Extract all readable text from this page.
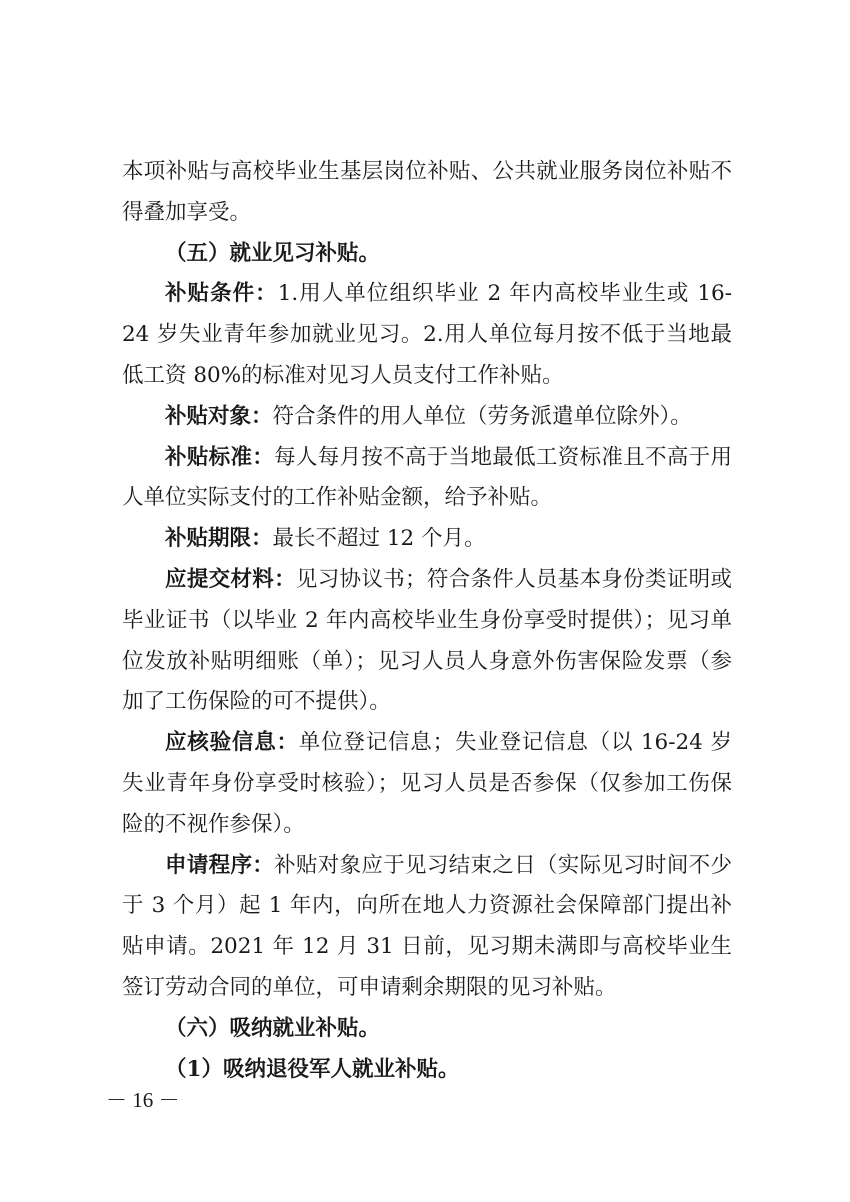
本项补贴与高校毕业生基层岗位补贴、公共就业服务岗位补贴不得叠加享受。

（五）就业见习补贴。

补贴条件：1.用人单位组织毕业 2 年内高校毕业生或 16-24 岁失业青年参加就业见习。2.用人单位每月按不低于当地最低工资 80%的标准对见习人员支付工作补贴。

补贴对象：符合条件的用人单位（劳务派遣单位除外）。

补贴标准：每人每月按不高于当地最低工资标准且不高于用人单位实际支付的工作补贴金额，给予补贴。

补贴期限：最长不超过 12 个月。

应提交材料：见习协议书；符合条件人员基本身份类证明或毕业证书（以毕业 2 年内高校毕业生身份享受时提供）；见习单位发放补贴明细账（单）；见习人员人身意外伤害保险发票（参加了工伤保险的可不提供）。

应核验信息：单位登记信息；失业登记信息（以 16-24 岁失业青年身份享受时核验）；见习人员是否参保（仅参加工伤保险的不视作参保）。

申请程序：补贴对象应于见习结束之日（实际见习时间不少于 3 个月）起 1 年内，向所在地人力资源社会保障部门提出补贴申请。2021 年 12 月 31 日前，见习期未满即与高校毕业生签订劳动合同的单位，可申请剩余期限的见习补贴。

（六）吸纳就业补贴。

（1）吸纳退役军人就业补贴。

－ 16 －
